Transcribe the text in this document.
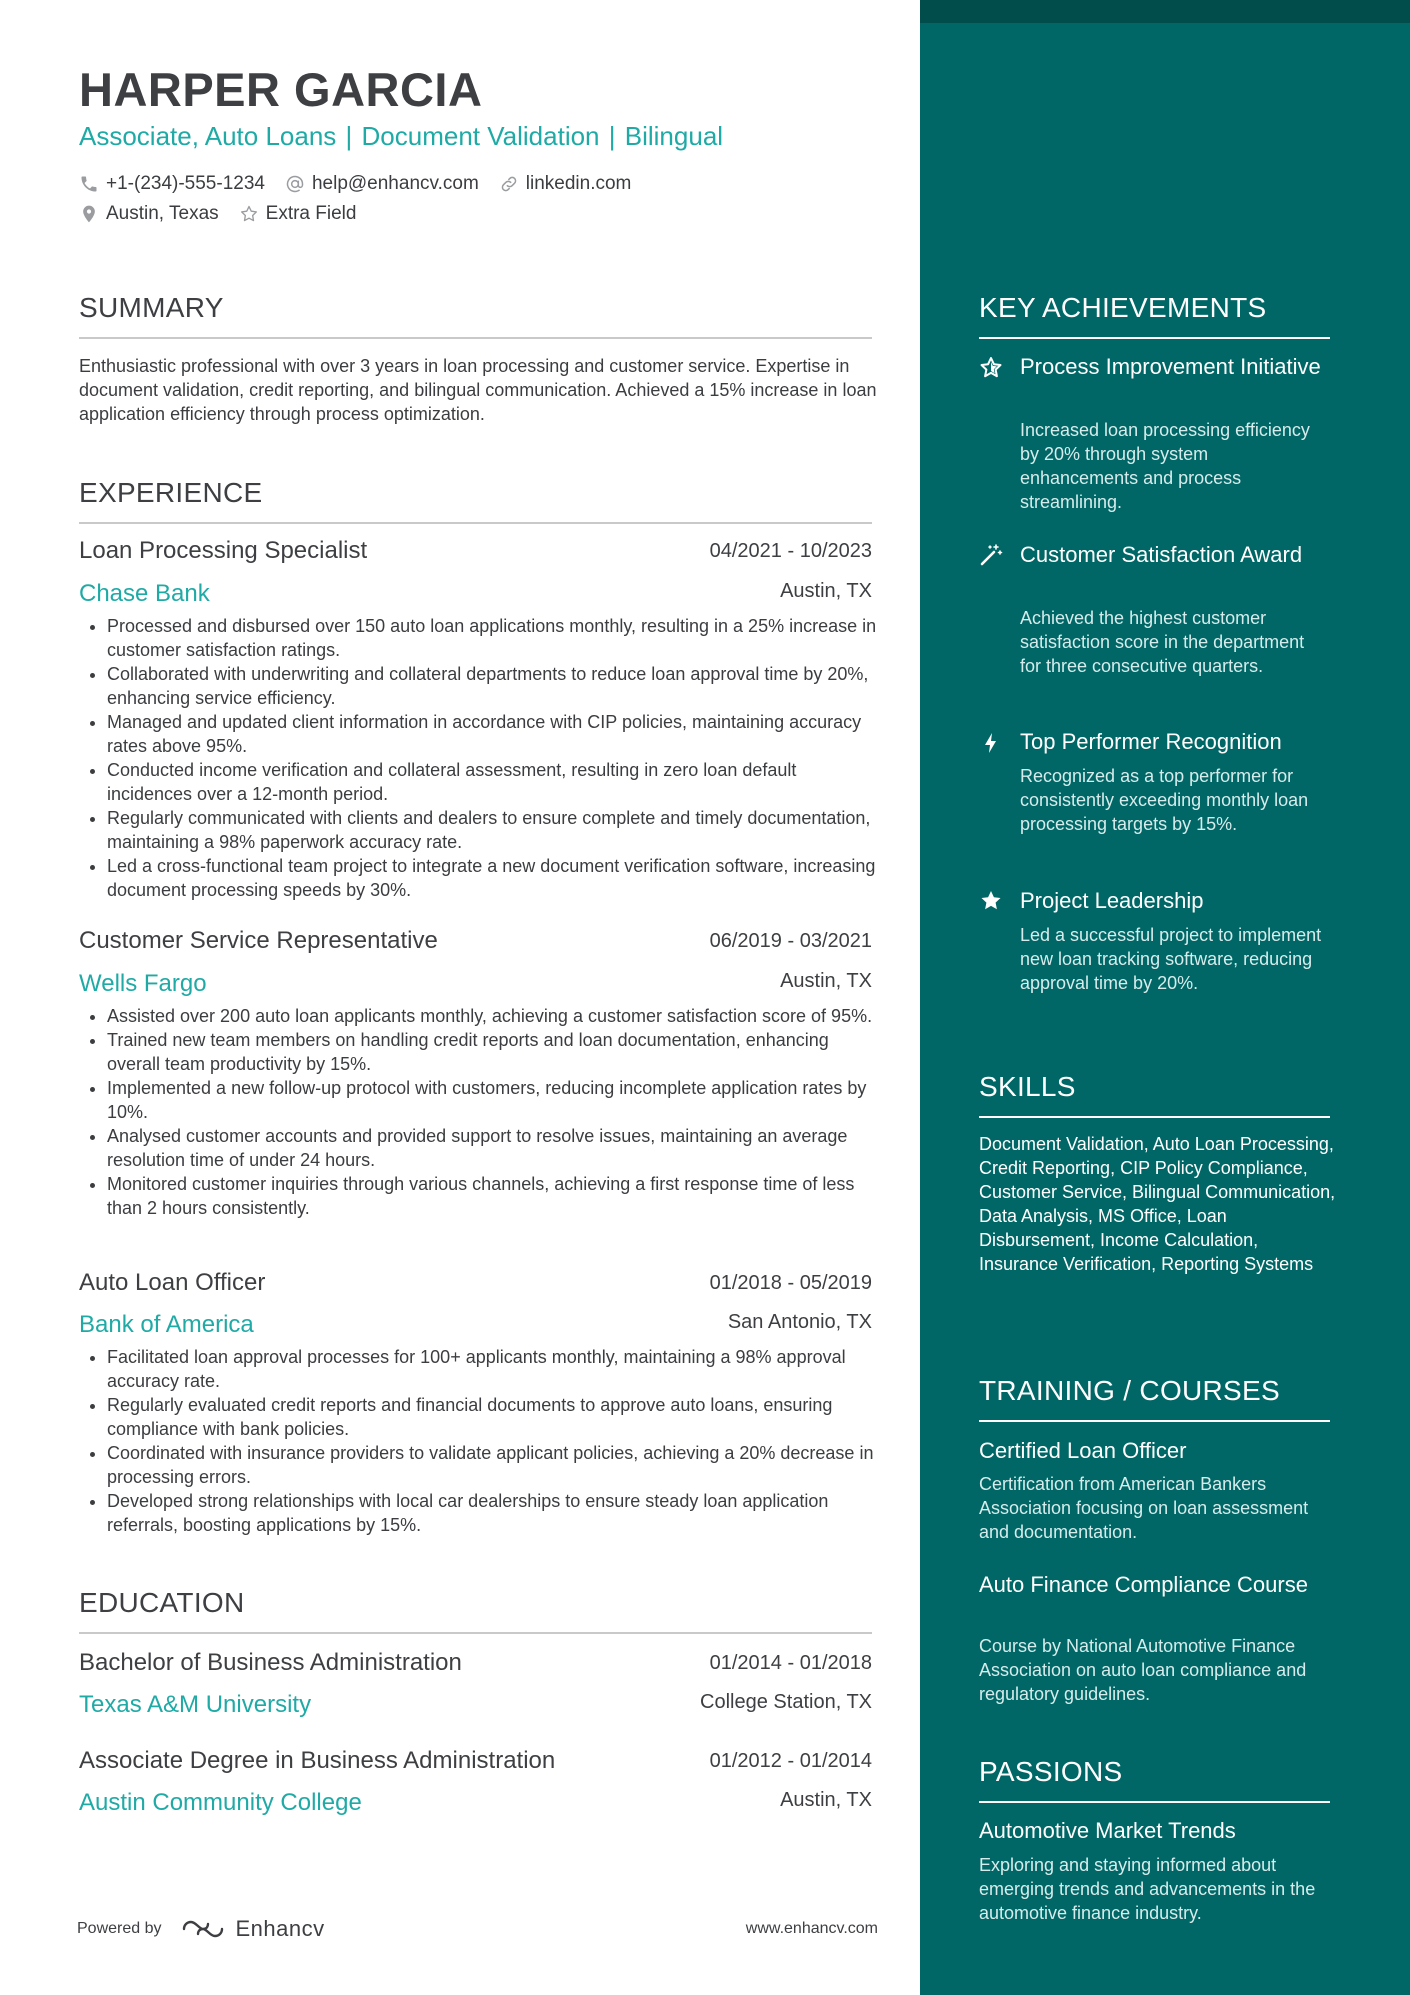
HARPER GARCIA
Associate, Auto Loans | Document Validation | Bilingual
+1-(234)-555-1234 help@enhancv.com linkedin.com
Austin, Texas Extra Field
SUMMARY
Enthusiastic professional with over 3 years in loan processing and customer service. Expertise in document validation, credit reporting, and bilingual communication. Achieved a 15% increase in loan application efficiency through process optimization.
EXPERIENCE
Loan Processing Specialist	04/2021 - 10/2023
Chase Bank	Austin, TX
• Processed and disbursed over 150 auto loan applications monthly, resulting in a 25% increase in customer satisfaction ratings.
• Collaborated with underwriting and collateral departments to reduce loan approval time by 20%, enhancing service efficiency.
• Managed and updated client information in accordance with CIP policies, maintaining accuracy rates above 95%.
• Conducted income verification and collateral assessment, resulting in zero loan default incidences over a 12-month period.
• Regularly communicated with clients and dealers to ensure complete and timely documentation, maintaining a 98% paperwork accuracy rate.
• Led a cross-functional team project to integrate a new document verification software, increasing document processing speeds by 30%.
Customer Service Representative	06/2019 - 03/2021
Wells Fargo	Austin, TX
• Assisted over 200 auto loan applicants monthly, achieving a customer satisfaction score of 95%.
• Trained new team members on handling credit reports and loan documentation, enhancing overall team productivity by 15%.
• Implemented a new follow-up protocol with customers, reducing incomplete application rates by 10%.
• Analysed customer accounts and provided support to resolve issues, maintaining an average resolution time of under 24 hours.
• Monitored customer inquiries through various channels, achieving a first response time of less than 2 hours consistently.
Auto Loan Officer	01/2018 - 05/2019
Bank of America	San Antonio, TX
• Facilitated loan approval processes for 100+ applicants monthly, maintaining a 98% approval accuracy rate.
• Regularly evaluated credit reports and financial documents to approve auto loans, ensuring compliance with bank policies.
• Coordinated with insurance providers to validate applicant policies, achieving a 20% decrease in processing errors.
• Developed strong relationships with local car dealerships to ensure steady loan application referrals, boosting applications by 15%.
EDUCATION
Bachelor of Business Administration	01/2014 - 01/2018
Texas A&M University	College Station, TX
Associate Degree in Business Administration	01/2012 - 01/2014
Austin Community College	Austin, TX
Powered by	Enhancv	www.enhancv.com
KEY ACHIEVEMENTS
Process Improvement Initiative
Increased loan processing efficiency by 20% through system enhancements and process streamlining.
Customer Satisfaction Award
Achieved the highest customer satisfaction score in the department for three consecutive quarters.
Top Performer Recognition
Recognized as a top performer for consistently exceeding monthly loan processing targets by 15%.
Project Leadership
Led a successful project to implement new loan tracking software, reducing approval time by 20%.
SKILLS
Document Validation, Auto Loan Processing, Credit Reporting, CIP Policy Compliance, Customer Service, Bilingual Communication, Data Analysis, MS Office, Loan Disbursement, Income Calculation, Insurance Verification, Reporting Systems
TRAINING / COURSES
Certified Loan Officer
Certification from American Bankers Association focusing on loan assessment and documentation.
Auto Finance Compliance Course
Course by National Automotive Finance Association on auto loan compliance and regulatory guidelines.
PASSIONS
Automotive Market Trends
Exploring and staying informed about emerging trends and advancements in the automotive finance industry.
